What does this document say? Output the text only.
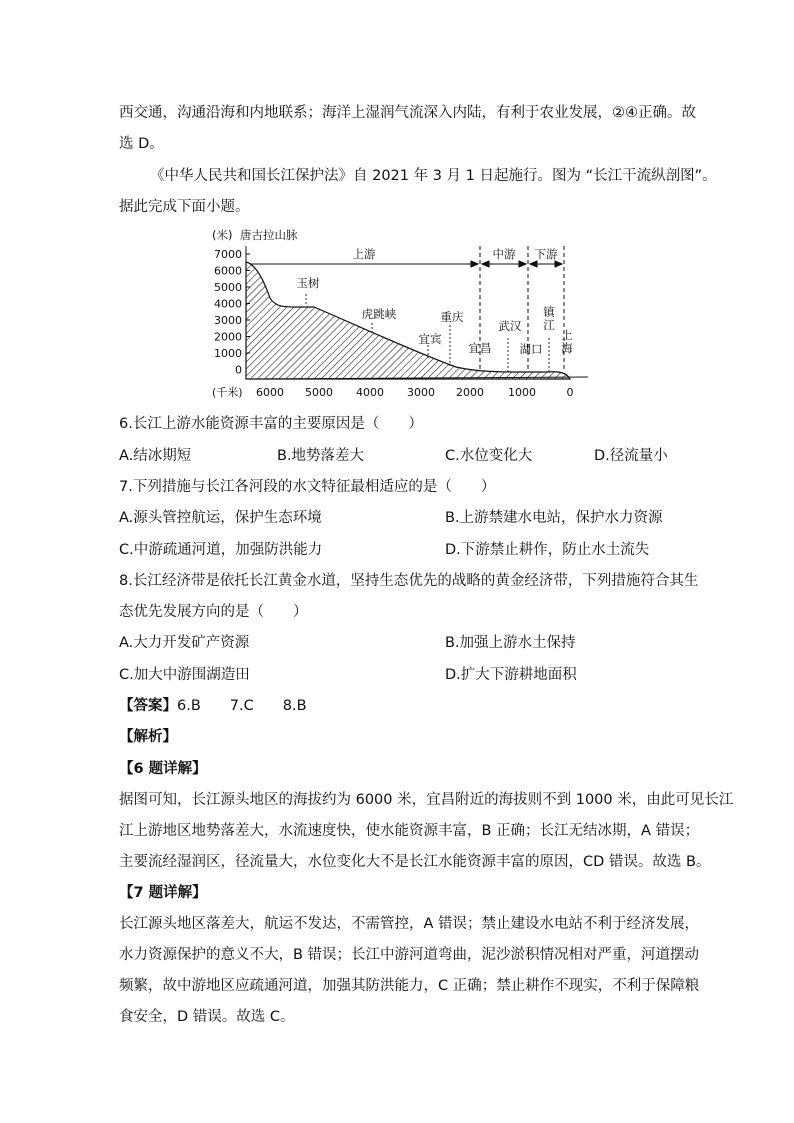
西交通，沟通沿海和内地联系；海洋上湿润气流深入内陆，有利于农业发展，②④正确。故
选 D。
《中华人民共和国长江保护法》自 2021 年 3 月 1 日起施行。图为 “长江干流纵剖图”。
据此完成下面小题。
(米) 唐古拉山脉
7000
6000
5000
4000
3000
2000
1000
0
上游	中游 下游
玉树
虎跳峡	重庆
宜宾
宜昌
武汉
湖口
镇江
上海
(千米) 6000 5000 4000 3000 2000 1000	0
6.长江上游水能资源丰富的主要原因是（　　）
A.结冰期短	B.地势落差大	C.水位变化大	D.径流量小
7.下列措施与长江各河段的水文特征最相适应的是（　　）
A.源头管控航运，保护生态环境	B.上游禁建水电站，保护水力资源
C.中游疏通河道，加强防洪能力	D.下游禁止耕作，防止水土流失
8.长江经济带是依托长江黄金水道，坚持生态优先的战略的黄金经济带，下列措施符合其生
态优先发展方向的是（　　）
A.大力开发矿产资源	B.加强上游水土保持
C.加大中游围湖造田	D.扩大下游耕地面积
【答案】6.B　　7.C　　8.B
【解析】
【6 题详解】
据图可知，长江源头地区的海拔约为 6000 米，宜昌附近的海拔则不到 1000 米，由此可见长江
江上游地区地势落差大，水流速度快，使水能资源丰富，B 正确；长江无结冰期，A 错误；
主要流经湿润区，径流量大，水位变化大不是长江水能资源丰富的原因，CD 错误。故选 B。
【7 题详解】
长江源头地区落差大，航运不发达，不需管控，A 错误；禁止建设水电站不利于经济发展，
水力资源保护的意义不大，B 错误；长江中游河道弯曲，泥沙淤积情况相对严重，河道摆动
频繁，故中游地区应疏通河道，加强其防洪能力，C 正确；禁止耕作不现实，不利于保障粮
食安全，D 错误。故选 C。
